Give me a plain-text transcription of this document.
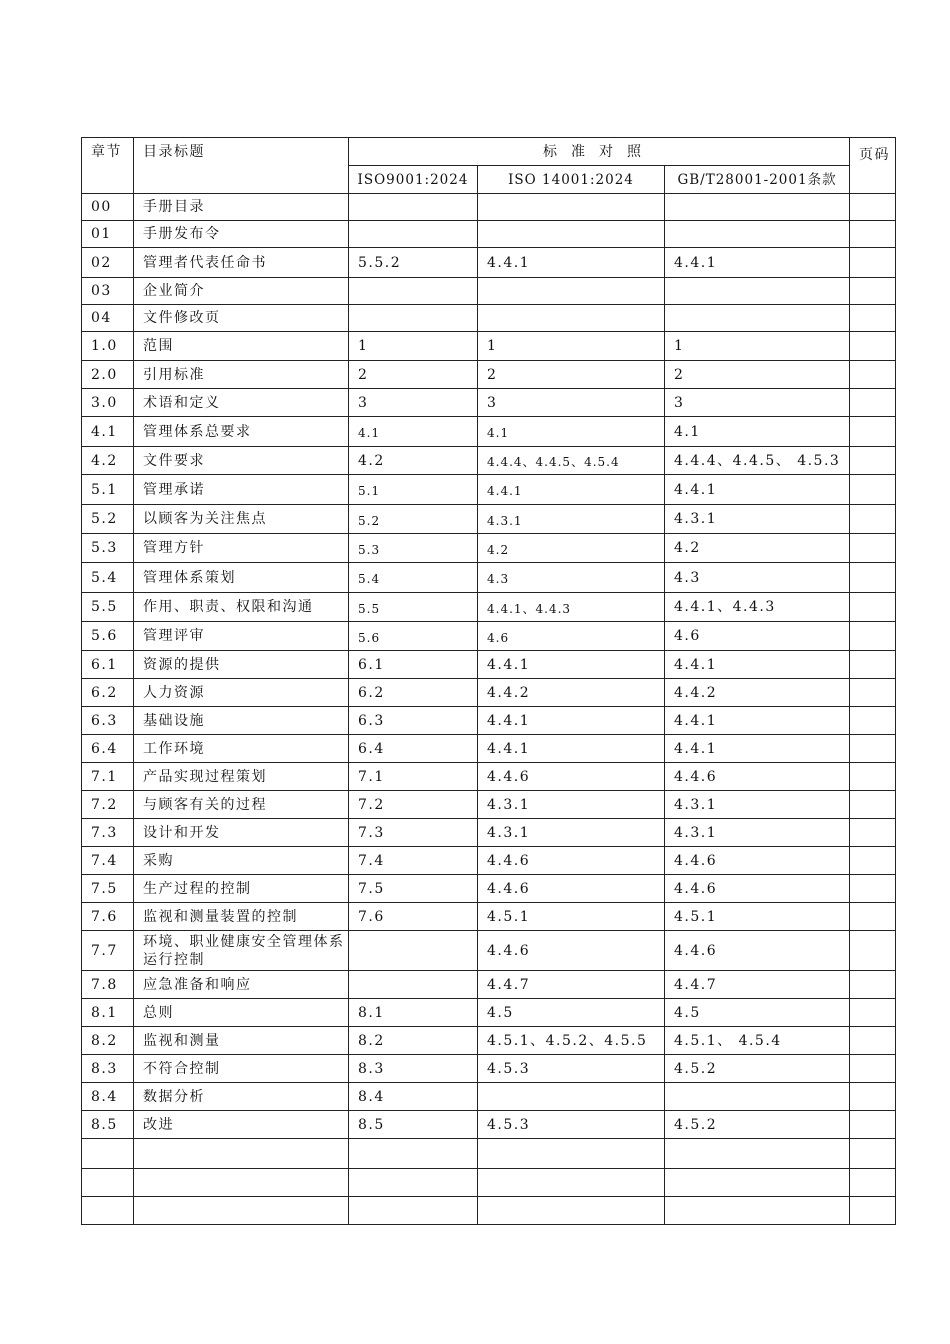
章节	目录标题	标准对照			页码
		ISO9001:2024	ISO 14001:2024	GB/T28001-2001条款	
00	手册目录				
01	手册发布令				
02	管理者代表任命书	5.5.2	4.4.1	4.4.1	
03	企业简介				
04	文件修改页				
1.0	范围	1	1	1	
2.0	引用标准	2	2	2	
3.0	术语和定义	3	3	3	
4.1	管理体系总要求	4.1	4.1	4.1	
4.2	文件要求	4.2	4.4.4、4.4.5、4.5.4	4.4.4、4.4.5、 4.5.3	
5.1	管理承诺	5.1	4.4.1	4.4.1	
5.2	以顾客为关注焦点	5.2	4.3.1	4.3.1	
5.3	管理方针	5.3	4.2	4.2	
5.4	管理体系策划	5.4	4.3	4.3	
5.5	作用、职责、权限和沟通	5.5	4.4.1、4.4.3	4.4.1、4.4.3	
5.6	管理评审	5.6	4.6	4.6	
6.1	资源的提供	6.1	4.4.1	4.4.1	
6.2	人力资源	6.2	4.4.2	4.4.2	
6.3	基础设施	6.3	4.4.1	4.4.1	
6.4	工作环境	6.4	4.4.1	4.4.1	
7.1	产品实现过程策划	7.1	4.4.6	4.4.6	
7.2	与顾客有关的过程	7.2	4.3.1	4.3.1	
7.3	设计和开发	7.3	4.3.1	4.3.1	
7.4	采购	7.4	4.4.6	4.4.6	
7.5	生产过程的控制	7.5	4.4.6	4.4.6	
7.6	监视和测量装置的控制	7.6	4.5.1	4.5.1	
7.7	环境、职业健康安全管理体系运行控制		4.4.6	4.4.6	
7.8	应急准备和响应		4.4.7	4.4.7	
8.1	总则	8.1	4.5	4.5	
8.2	监视和测量	8.2	4.5.1、4.5.2、4.5.5	4.5.1、 4.5.4	
8.3	不符合控制	8.3	4.5.3	4.5.2	
8.4	数据分析	8.4			
8.5	改进	8.5	4.5.3	4.5.2	
